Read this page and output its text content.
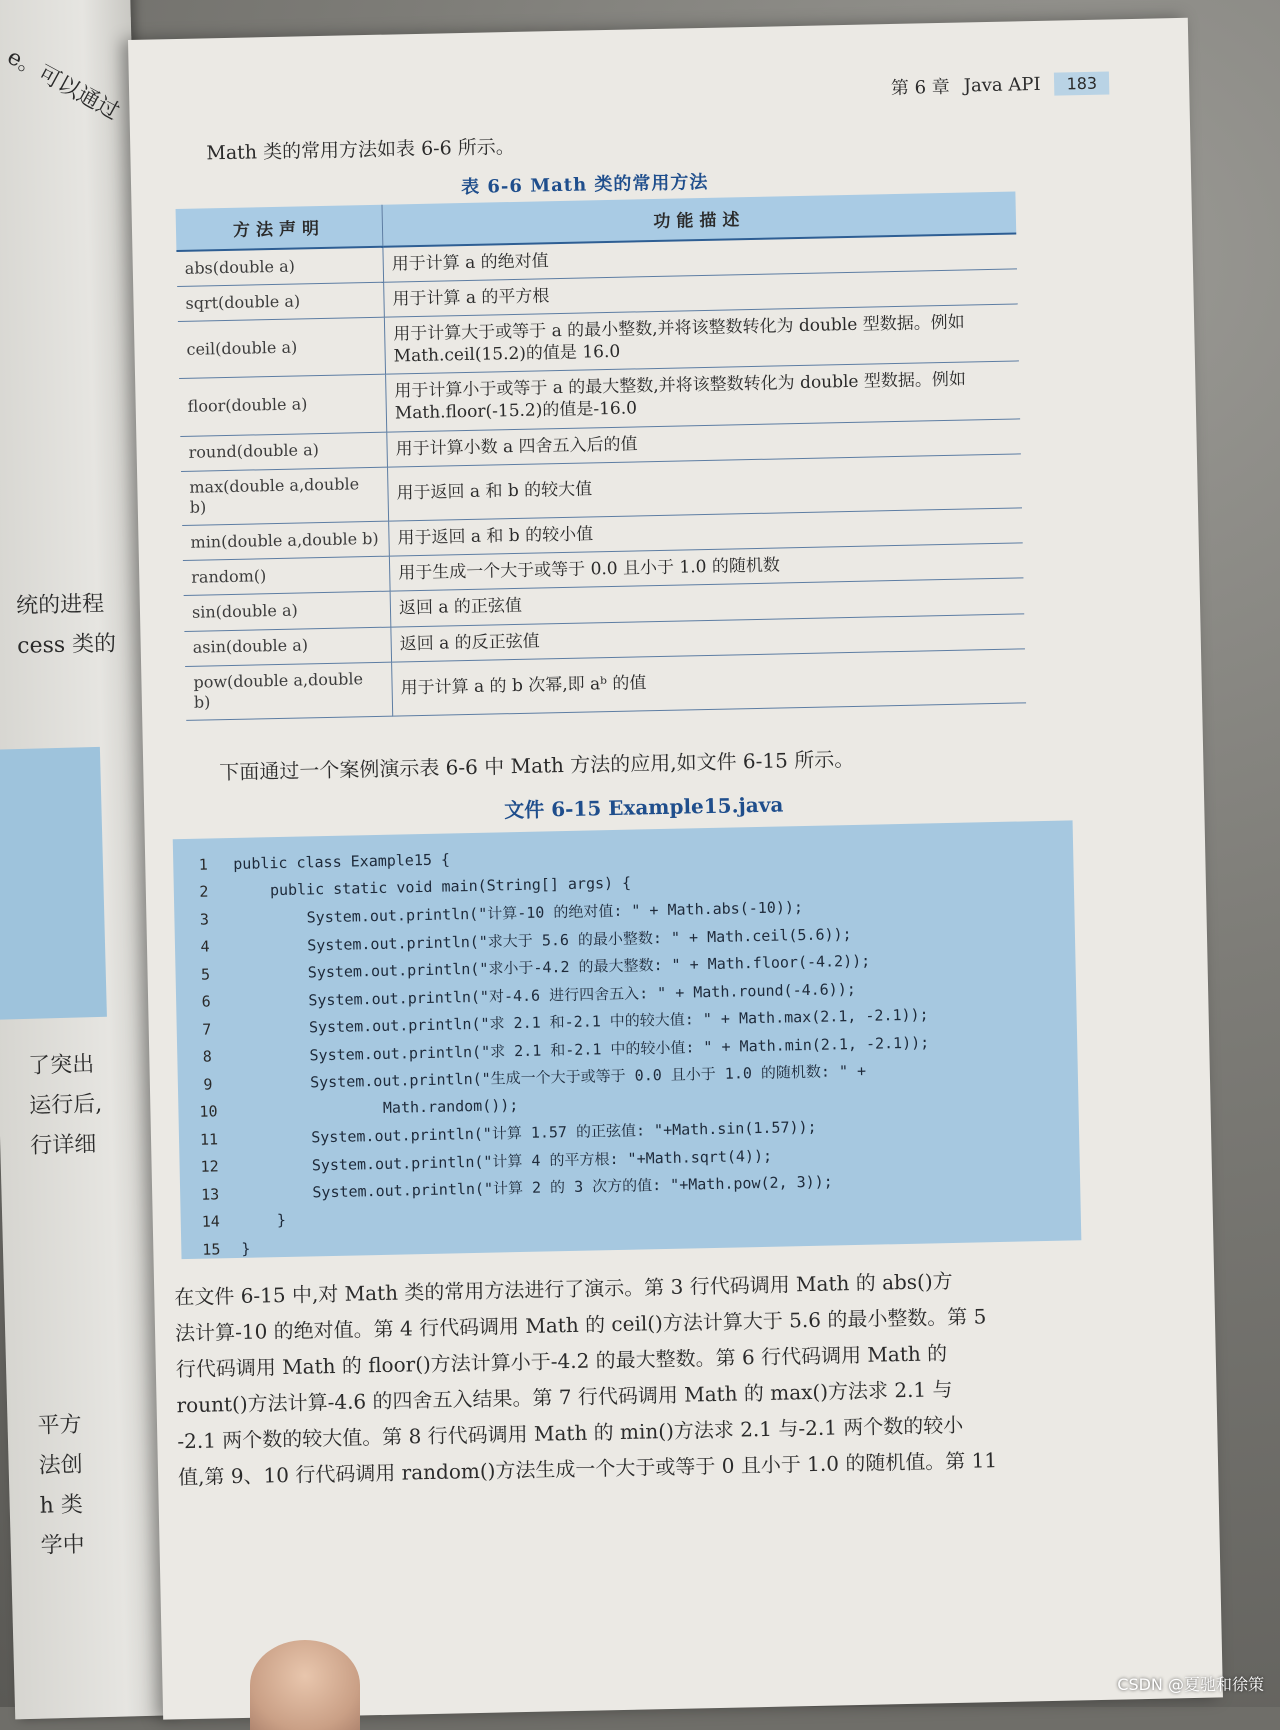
e。可以通过
统的进程
cess 类的
了突出
运行后,
行详细
平方
法创
h 类
学中
第 6 章 Java API	183
Math 类的常用方法如表 6-6 所示。
表 6-6 Math 类的常用方法
方法声明	功能描述
abs(double a)	用于计算 a 的绝对值
sqrt(double a)	用于计算 a 的平方根
ceil(double a)	用于计算大于或等于 a 的最小整数,并将该整数转化为 double 型数据。例如 Math.ceil(15.2)的值是 16.0
floor(double a)	用于计算小于或等于 a 的最大整数,并将该整数转化为 double 型数据。例如 Math.floor(-15.2)的值是-16.0
round(double a)	用于计算小数 a 四舍五入后的值
max(double a,double b)	用于返回 a 和 b 的较大值
min(double a,double b)	用于返回 a 和 b 的较小值
random()	用于生成一个大于或等于 0.0 且小于 1.0 的随机数
sin(double a)	返回 a 的正弦值
asin(double a)	返回 a 的反正弦值
pow(double a,double b)	用于计算 a 的 b 次幂,即 aᵇ 的值
下面通过一个案例演示表 6-6 中 Math 方法的应用,如文件 6-15 所示。
文件 6-15 Example15.java
1	public class Example15 {
2	public static void main(String[] args) {
3	System.out.println("计算-10 的绝对值: " + Math.abs(-10));
4	System.out.println("求大于 5.6 的最小整数: " + Math.ceil(5.6));
5	System.out.println("求小于-4.2 的最大整数: " + Math.floor(-4.2));
6	System.out.println("对-4.6 进行四舍五入: " + Math.round(-4.6));
7	System.out.println("求 2.1 和-2.1 中的较大值: " + Math.max(2.1, -2.1));
8	System.out.println("求 2.1 和-2.1 中的较小值: " + Math.min(2.1, -2.1));
9	System.out.println("生成一个大于或等于 0.0 且小于 1.0 的随机数: " +
10	Math.random());
11	System.out.println("计算 1.57 的正弦值: "+Math.sin(1.57));
12	System.out.println("计算 4 的平方根: "+Math.sqrt(4));
13	System.out.println("计算 2 的 3 次方的值: "+Math.pow(2, 3));
14	}
15	}

在文件 6-15 中,对 Math 类的常用方法进行了演示。第 3 行代码调用 Math 的 abs()方

法计算-10 的绝对值。第 4 行代码调用 Math 的 ceil()方法计算大于 5.6 的最小整数。第 5

行代码调用 Math 的 floor()方法计算小于-4.2 的最大整数。第 6 行代码调用 Math 的

rount()方法计算-4.6 的四舍五入结果。第 7 行代码调用 Math 的 max()方法求 2.1 与

-2.1 两个数的较大值。第 8 行代码调用 Math 的 min()方法求 2.1 与-2.1 两个数的较小

值,第 9、10 行代码调用 random()方法生成一个大于或等于 0 且小于 1.0 的随机值。第 11

CSDN @夏驰和徐策
